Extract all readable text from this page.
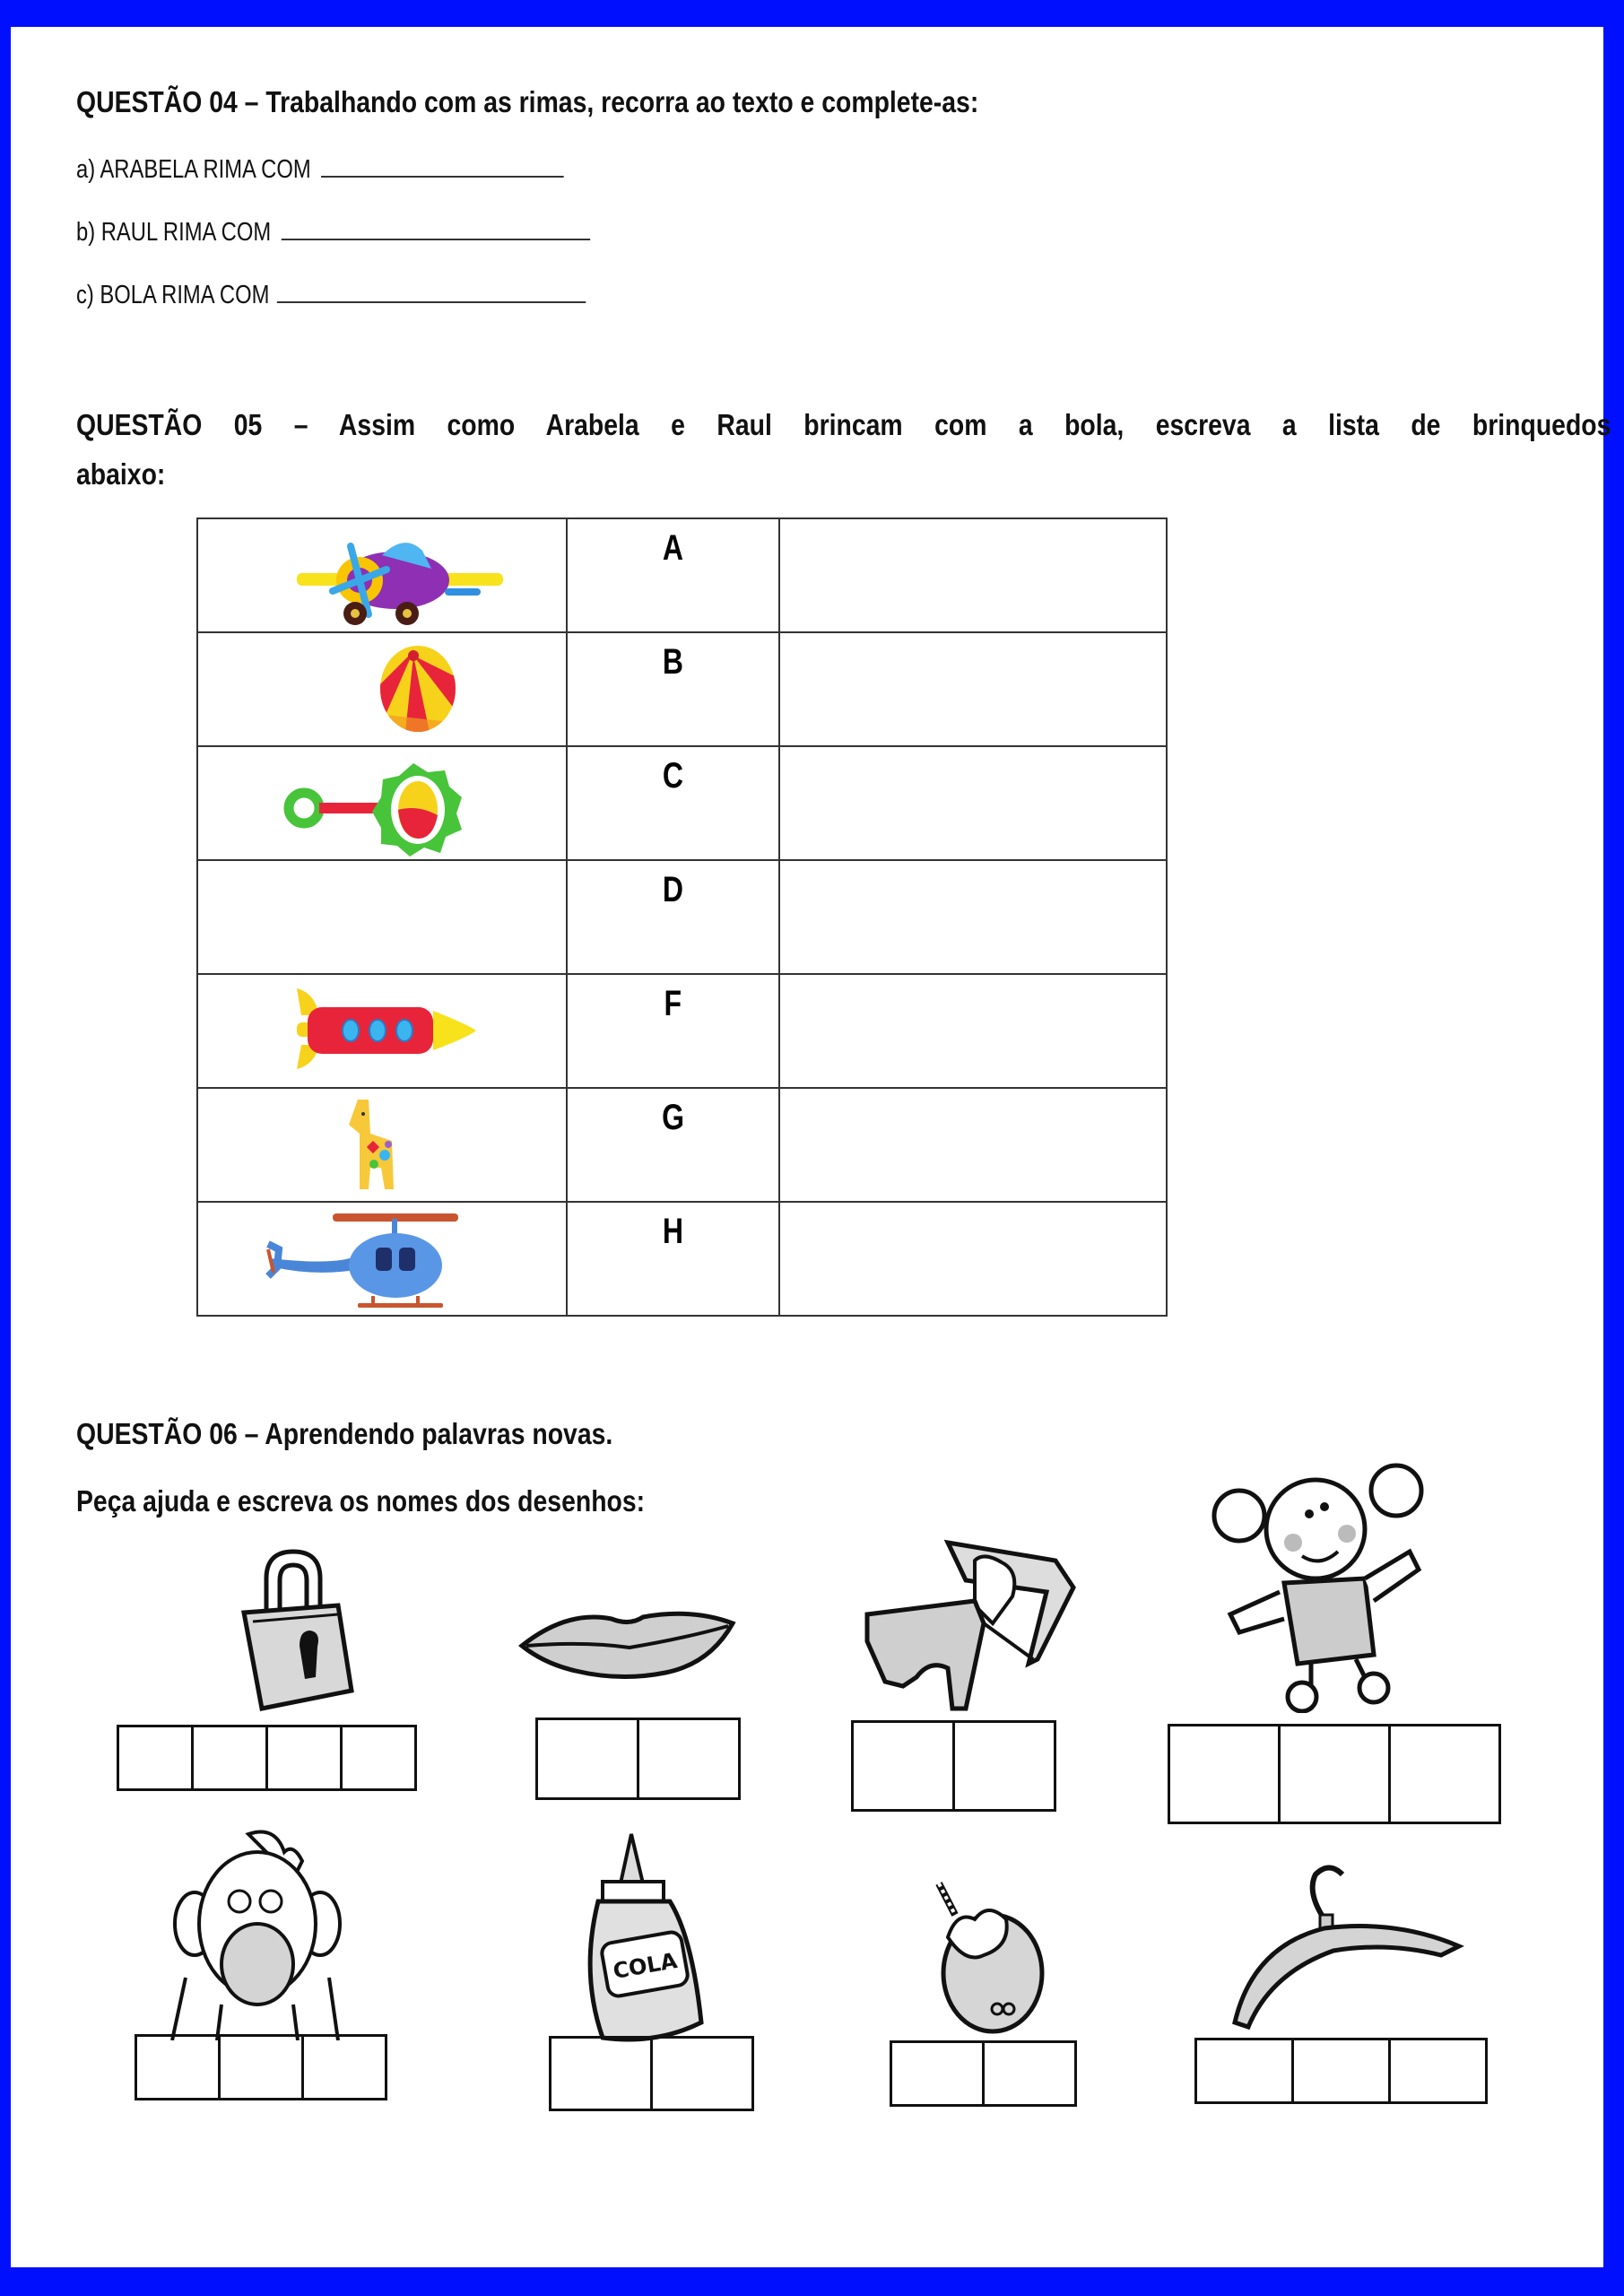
QUESTÃO 04 – Trabalhando com as rimas, recorra ao texto e complete-as:
a) ARABELA RIMA COM
b) RAUL RIMA COM
c) BOLA RIMA COM
QUESTÃO 05 – Assim como Arabela e Raul brincam com a bola, escreva a lista de brinquedos
abaixo:
	A	

	B	

	C	
	D	

	F	

	G	

	H	
QUESTÃO 06 – Aprendendo palavras novas.
Peça ajuda e escreva os nomes dos desenhos:
COLA
